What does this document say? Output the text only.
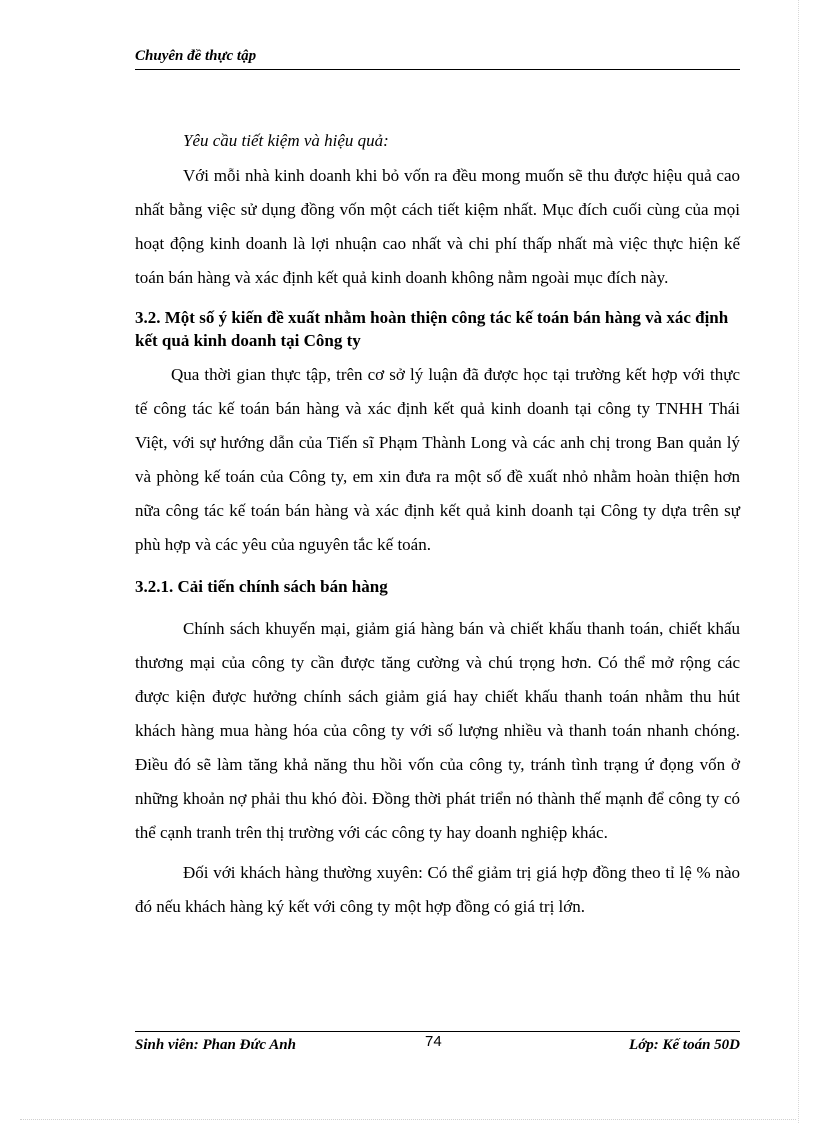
Chuyên đề thực tập

Yêu cầu tiết kiệm và hiệu quả:

Với mỗi nhà kinh doanh khi bỏ vốn ra đều mong muốn sẽ thu được hiệu quả cao nhất bằng việc sử dụng đồng vốn một cách tiết kiệm nhất. Mục đích cuối cùng của mọi hoạt động kinh doanh là lợi nhuận cao nhất và chi phí thấp nhất mà việc thực hiện kế toán bán hàng và xác định kết quả kinh doanh không nằm ngoài mục đích này.

3.2. Một số ý kiến đề xuất nhằm hoàn thiện công tác kế toán bán hàng và xác định kết quả kinh doanh tại Công ty

Qua thời gian thực tập, trên cơ sở lý luận đã được học tại trường kết hợp với thực tế công tác kế toán bán hàng và xác định kết quả kinh doanh tại công ty TNHH Thái Việt, với sự hướng dẫn của Tiến sĩ Phạm Thành Long và các anh chị trong Ban quản lý và phòng kế toán của Công ty, em xin đưa ra một số đề xuất nhỏ nhằm hoàn thiện hơn nữa công tác kế toán bán hàng và xác định kết quả kinh doanh tại Công ty dựa trên sự phù hợp và các yêu của nguyên tắc kế toán.

3.2.1. Cải tiến chính sách bán hàng

Chính sách khuyến mại, giảm giá hàng bán và chiết khấu thanh toán, chiết khấu thương mại của công ty cần được tăng cường và chú trọng hơn. Có thể mở rộng các được kiện được hưởng chính sách giảm giá hay chiết khấu thanh toán nhằm thu hút khách hàng mua hàng hóa của công ty với số lượng nhiều và thanh toán nhanh chóng. Điều đó sẽ làm tăng khả năng thu hồi vốn của công ty, tránh tình trạng ứ đọng vốn ở những khoản nợ phải thu khó đòi. Đồng thời phát triển nó thành thế mạnh để công ty có thể cạnh tranh trên thị trường với các công ty hay doanh nghiệp khác.

Đối với khách hàng thường xuyên: Có thể giảm trị giá hợp đồng theo tỉ lệ % nào đó nếu khách hàng ký kết với công ty một hợp đồng có giá trị lớn.

Sinh viên: Phan Đức Anh	74	Lớp: Kế toán 50D
